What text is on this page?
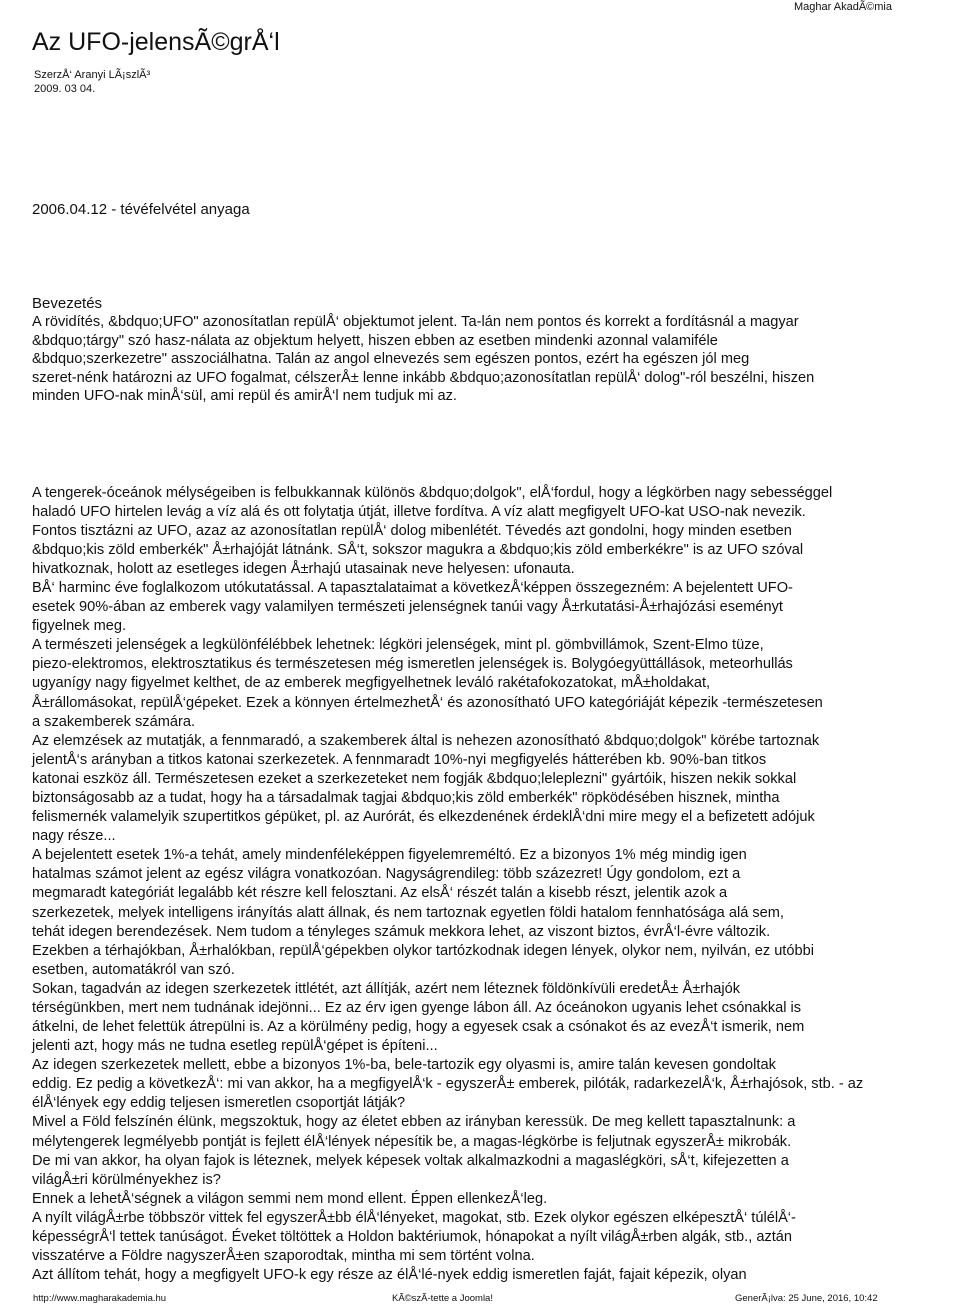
Maghar AkadÃ©mia
Az UFO-jelensÃ©grÅ‘l
SzerzÅ‘ Aranyi LÃ¡szlÃ³
2009. 03 04.
2006.04.12 - tévéfelvétel anyaga
Bevezetés
A rövidítés, &bdquo;UFO" azonosítatlan repülÅ‘ objektumot jelent. Ta-lán nem pontos és korrekt a fordításnál a magyar
&bdquo;tárgy" szó hasz-nálata az objektum helyett, hiszen ebben az esetben mindenki azonnal valamiféle
&bdquo;szerkezetre" asszociálhatna. Talán az angol elnevezés sem egészen pontos, ezért ha egészen jól meg
szeret-nénk határozni az UFO fogalmat, célszerÅ± lenne inkább &bdquo;azonosítatlan repülÅ‘ dolog"-ról beszélni, hiszen
minden UFO-nak minÅ‘sül, ami repül és amirÅ‘l nem tudjuk mi az.
A tengerek-óceánok mélységeiben is felbukkannak különös &bdquo;dolgok", elÅ‘fordul, hogy a légkörben nagy sebességgel
haladó UFO hirtelen levág a víz alá és ott folytatja útját, illetve fordítva. A víz alatt megfigyelt UFO-kat USO-nak nevezik.
Fontos tisztázni az UFO, azaz az azonosítatlan repülÅ‘ dolog mibenlétét. Tévedés azt gondolni, hogy minden esetben
&bdquo;kis zöld emberkék" Å±rhajóját látnánk. SÅ‘t, sokszor magukra a &bdquo;kis zöld emberkékre" is az UFO szóval
hivatkoznak, holott az esetleges idegen Å±rhajú utasainak neve helyesen: ufonauta.
BÅ‘ harminc éve foglalkozom utókutatással. A tapasztalataimat a következÅ‘képpen összegezném: A bejelentett UFO-
esetek 90%-ában az emberek vagy valamilyen természeti jelenségnek tanúi vagy Å±rkutatási-Å±rhajózási eseményt
figyelnek meg.
A természeti jelenségek a legkülönfélébbek lehetnek: légköri jelenségek, mint pl. gömbvillámok, Szent-Elmo tüze,
piezo-elektromos, elektrosztatikus és természetesen még ismeretlen jelenségek is. Bolygóegyüttállások, meteorhullás
ugyanígy nagy figyelmet kelthet, de az emberek megfigyelhetnek leváló rakétafokozatokat, mÅ±holdakat,
Å±rállomásokat, repülÅ‘gépeket. Ezek a könnyen értelmezhetÅ‘ és azonosítható UFO kategóriáját képezik -természetesen
a szakemberek számára.
Az elemzések az mutatják, a fennmaradó, a szakemberek által is nehezen azonosítható &bdquo;dolgok" körébe tartoznak
jelentÅ‘s arányban a titkos katonai szerkezetek. A fennmaradt 10%-nyi megfigyelés hátterében kb. 90%-ban titkos
katonai eszköz áll. Természetesen ezeket a szerkezeteket nem fogják &bdquo;leleplezni" gyártóik, hiszen nekik sokkal
biztonságosabb az a tudat, hogy ha a társadalmak tagjai &bdquo;kis zöld emberkék" röpködésében hisznek, mintha
felismernék valamelyik szupertitkos gépüket, pl. az Aurórát, és elkezdenének érdeklÅ‘dni mire megy el a befizetett adójuk
nagy része...
A bejelentett esetek 1%-a tehát, amely mindenféleképpen figyelemreméltó. Ez a bizonyos 1% még mindig igen
hatalmas számot jelent az egész világra vonatkozóan. Nagyságrendileg: több százezret! Úgy gondolom, ezt a
megmaradt kategóriát legalább két részre kell felosztani. Az elsÅ‘ részét talán a kisebb részt, jelentik azok a
szerkezetek, melyek intelligens irányítás alatt állnak, és nem tartoznak egyetlen földi hatalom fennhatósága alá sem,
tehát idegen berendezések. Nem tudom a tényleges számuk mekkora lehet, az viszont biztos, évrÅ‘l-évre változik.
Ezekben a térhajókban, Å±rhalókban, repülÅ‘gépekben olykor tartózkodnak idegen lények, olykor nem, nyilván, ez utóbbi
esetben, automatákról van szó.
Sokan, tagadván az idegen szerkezetek ittlétét, azt állítják, azért nem léteznek földönkívüli eredetÅ± Å±rhajók
térségünkben, mert nem tudnának idejönni... Ez az érv igen gyenge lábon áll. Az óceánokon ugyanis lehet csónakkal is
átkelni, de lehet felettük átrepülni is. Az a körülmény pedig, hogy a egyesek csak a csónakot és az evezÅ‘t ismerik, nem
jelenti azt, hogy más ne tudna esetleg repülÅ‘gépet is építeni...
Az idegen szerkezetek mellett, ebbe a bizonyos 1%-ba, bele-tartozik egy olyasmi is, amire talán kevesen gondoltak
eddig. Ez pedig a következÅ‘: mi van akkor, ha a megfigyelÅ‘k - egyszerÅ± emberek, pilóták, radarkezelÅ‘k, Å±rhajósok, stb. - az
élÅ‘lények egy eddig teljesen ismeretlen csoportját látják?
Mivel a Föld felszínén élünk, megszoktuk, hogy az életet ebben az irányban keressük. De meg kellett tapasztalnunk: a
mélytengerek legmélyebb pontját is fejlett élÅ‘lények népesítik be, a magas-légkörbe is feljutnak egyszerÅ± mikrobák.
De mi van akkor, ha olyan fajok is léteznek, melyek képesek voltak alkalmazkodni a magaslégköri, sÅ‘t, kifejezetten a
világÅ±ri körülményekhez is?
Ennek a lehetÅ‘ségnek a világon semmi nem mond ellent. Éppen ellenkezÅ‘leg.
A nyílt világÅ±rbe többször vittek fel egyszerÅ±bb élÅ‘lényeket, magokat, stb. Ezek olykor egészen elképesztÅ‘ túlélÅ‘-
képességrÅ‘l tettek tanúságot. Éveket töltöttek a Holdon baktériumok, hónapokat a nyílt világÅ±rben algák, stb., aztán
visszatérve a Földre nagyszerÅ±en szaporodtak, mintha mi sem történt volna.
Azt állítom tehát, hogy a megfigyelt UFO-k egy része az élÅ‘lé-nyek eddig ismeretlen faját, fajait képezik, olyan
http://www.magharakademia.hu	KÃ©szÃ-tette a Joomla!	GenerÃ¡lva: 25 June, 2016, 10:42
